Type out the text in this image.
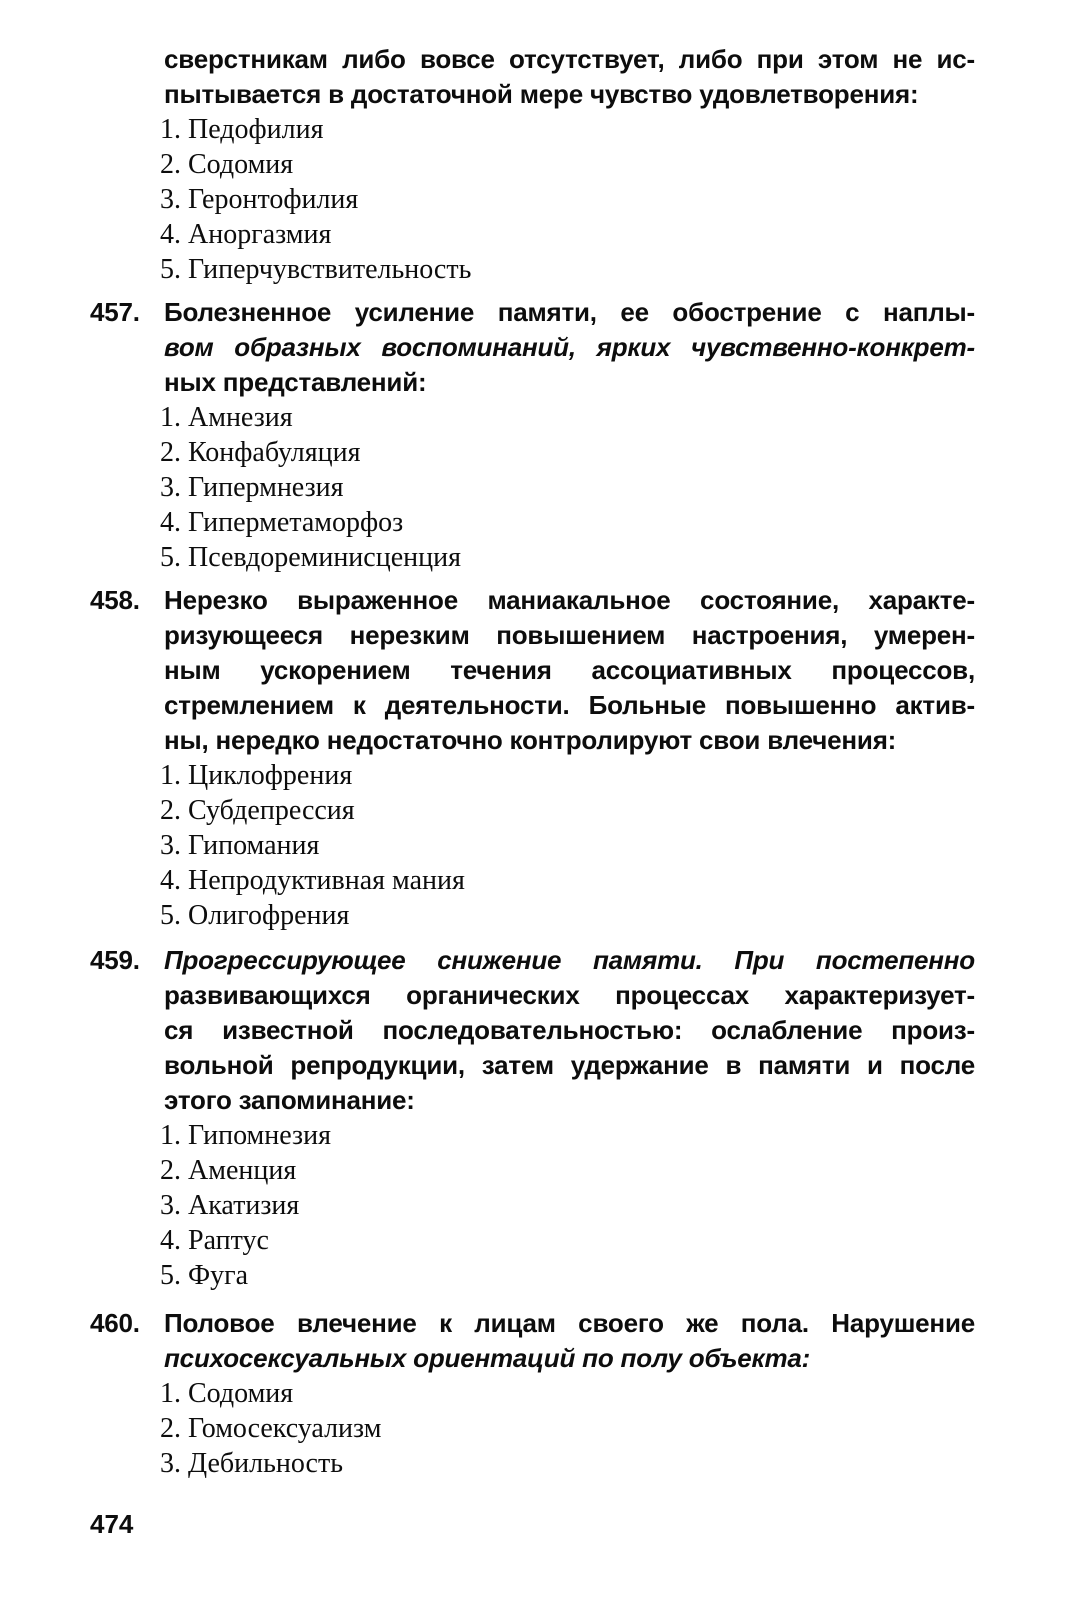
сверстникам либо вовсе отсутствует, либо при этом не ис-
пытывается в достаточной мере чувство удовлетворения:
1. Педофилия
2. Содомия
3. Геронтофилия
4. Аноргазмия
5. Гиперчувствительность
457. Болезненное усиление памяти, ее обострение с наплы-
вом образных воспоминаний, ярких чувственно-конкрет-
ных представлений:
1. Амнезия
2. Конфабуляция
3. Гипермнезия
4. Гиперметаморфоз
5. Псевдореминисценция
458. Нерезко выраженное маниакальное состояние, характе-
ризующееся нерезким повышением настроения, умерен-
ным ускорением течения ассоциативных процессов,
стремлением к деятельности. Больные повышенно актив-
ны, нередко недостаточно контролируют свои влечения:
1. Циклофрения
2. Субдепрессия
3. Гипомания
4. Непродуктивная мания
5. Олигофрения
459. Прогрессирующее снижение памяти. При постепенно
развивающихся органических процессах характеризует-
ся известной последовательностью: ослабление произ-
вольной репродукции, затем удержание в памяти и после
этого запоминание:
1. Гипомнезия
2. Аменция
3. Акатизия
4. Раптус
5. Фуга
460. Половое влечение к лицам своего же пола. Нарушение
психосексуальных ориентаций по полу объекта:
1. Содомия
2. Гомосексуализм
3. Дебильность
474
